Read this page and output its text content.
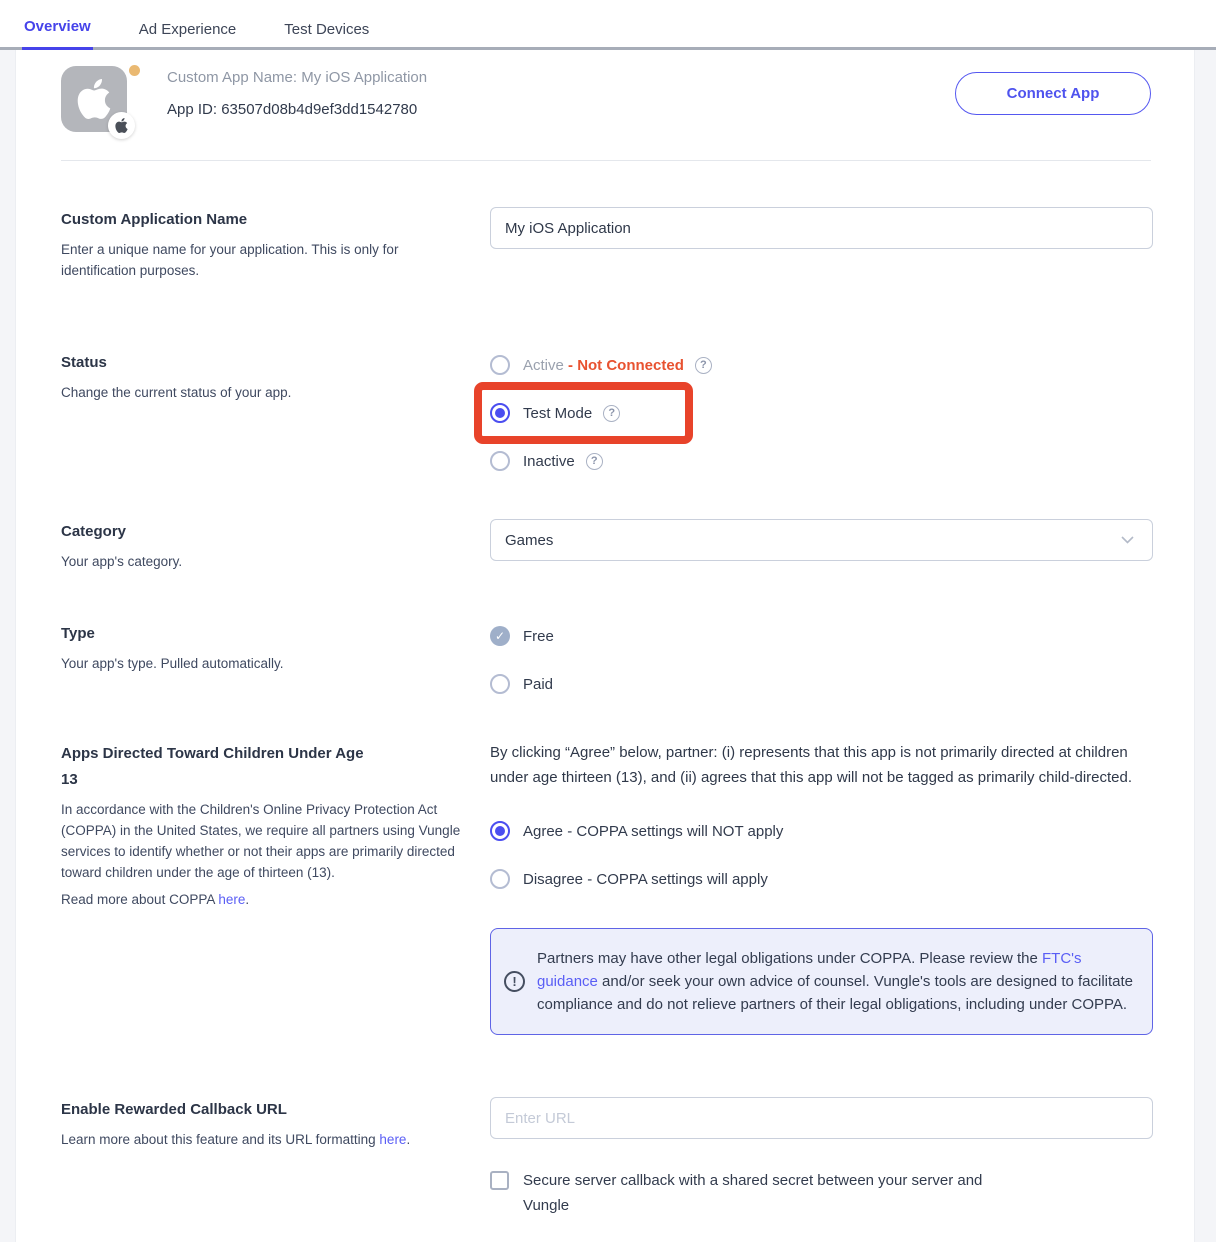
Overview	Ad Experience	Test Devices
Custom App Name: My iOS Application
App ID: 63507d08b4d9ef3dd1542780
Connect App
Custom Application Name

Enter a unique name for your application. This is only for identification purposes.

My iOS Application
Status

Change the current status of your app.

Active - Not Connected	?
Test Mode	?
Inactive	?
Category

Your app's category.

Games
Type

Your app's type. Pulled automatically.

✓	Free
Paid
Apps Directed Toward Children Under Age 13

In accordance with the Children's Online Privacy Protection Act (COPPA) in the United States, we require all partners using Vungle services to identify whether or not their apps are primarily directed toward children under the age of thirteen (13).

Read more about COPPA here.

By clicking “Agree” below, partner: (i) represents that this app is not primarily directed at children under age thirteen (13), and (ii) agrees that this app will not be tagged as primarily child-directed.

Agree - COPPA settings will NOT apply
Disagree - COPPA settings will apply
!
Partners may have other legal obligations under COPPA. Please review the FTC's guidance and/or seek your own advice of counsel. Vungle's tools are designed to facilitate compliance and do not relieve partners of their legal obligations, including under COPPA.
Enable Rewarded Callback URL

Learn more about this feature and its URL formatting here.

Enter URL
Secure server callback with a shared secret between your server and Vungle
